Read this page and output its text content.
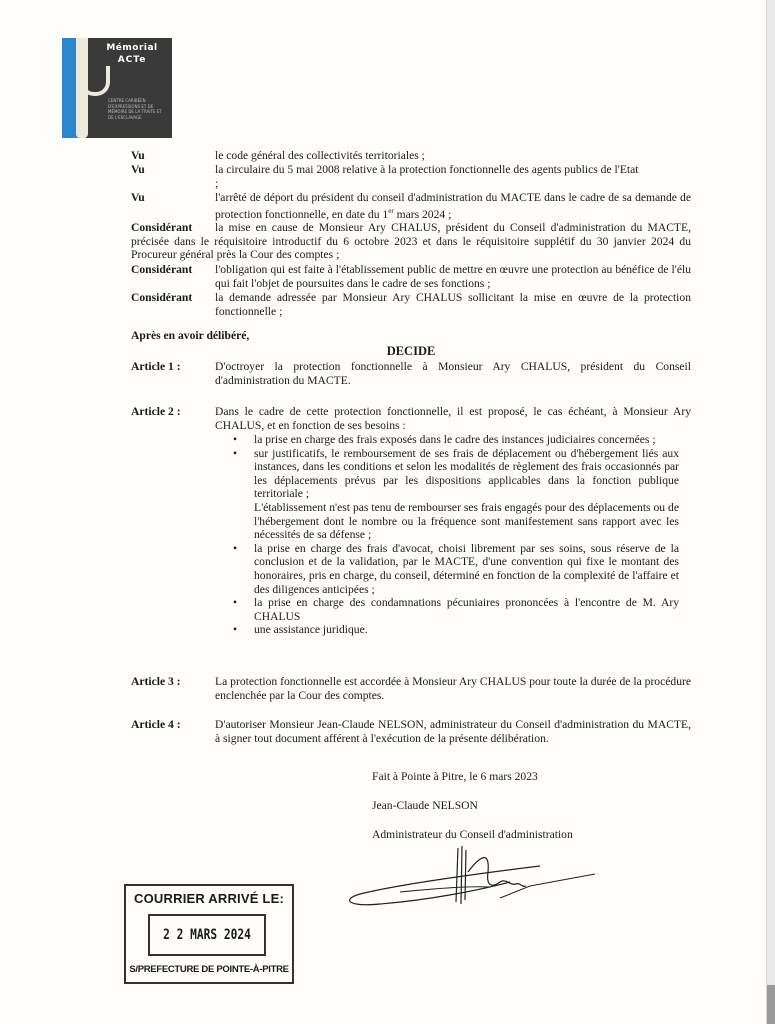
Mémorial
ACTe
CENTRE CARIBÉEN D'EXPRESSIONS ET DE MÉMOIRE DE LA TRAITE ET DE L'ESCLAVAGE
Vu	le code général des collectivités territoriales ;
Vu	la circulaire du 5 mai 2008 relative à la protection fonctionnelle des agents publics de l'Etat
;
Vu	l'arrêté de déport du président du conseil d'administration du MACTE dans le cadre de sa demande de protection fonctionnelle, en date du 1er mars 2024 ;
Considérant	la mise en cause de Monsieur Ary CHALUS, président du Conseil d'administration du MACTE, précisée dans le réquisitoire introductif du 6 octobre 2023 et dans le réquisitoire supplétif du 30 janvier 2024 du Procureur général près la Cour des comptes ;
Considérant l'obligation qui est faite à l'établissement public de mettre en œuvre une protection au bénéfice de l'élu qui fait l'objet de poursuites dans le cadre de ses fonctions ;
Considérant la demande adressée par Monsieur Ary CHALUS sollicitant la mise en œuvre de la protection fonctionnelle ;
Après en avoir délibéré,
DECIDE
Article 1 :	D'octroyer la protection fonctionnelle à Monsieur Ary CHALUS, président du Conseil d'administration du MACTE.
Article 2 :	Dans le cadre de cette protection fonctionnelle, il est proposé, le cas échéant, à Monsieur Ary CHALUS, et en fonction de ses besoins :
• la prise en charge des frais exposés dans le cadre des instances judiciaires concernées ;
• sur justificatifs, le remboursement de ses frais de déplacement ou d'hébergement liés aux instances, dans les conditions et selon les modalités de règlement des frais occasionnés par les déplacements prévus par les dispositions applicables dans la fonction publique territoriale ;

L'établissement n'est pas tenu de rembourser ses frais engagés pour des déplacements ou de l'hébergement dont le nombre ou la fréquence sont manifestement sans rapport avec les nécessités de sa défense ;

• la prise en charge des frais d'avocat, choisi librement par ses soins, sous réserve de la conclusion et de la validation, par le MACTE, d'une convention qui fixe le montant des honoraires, pris en charge, du conseil, déterminé en fonction de la complexité de l'affaire et des diligences anticipées ;
• la prise en charge des condamnations pécuniaires prononcées à l'encontre de M. Ary CHALUS
• une assistance juridique.
Article 3 :	La protection fonctionnelle est accordée à Monsieur Ary CHALUS pour toute la durée de la procédure enclenchée par la Cour des comptes.
Article 4 :	D'autoriser Monsieur Jean-Claude NELSON, administrateur du Conseil d'administration du MACTE, à signer tout document afférent à l'exécution de la présente délibération.
Fait à Pointe à Pitre, le 6 mars 2023
Jean-Claude NELSON
Administrateur du Conseil d'administration
COURRIER ARRIVÉ LE:
2 2 MARS 2024
S/PREFECTURE DE POINTE-À-PITRE
